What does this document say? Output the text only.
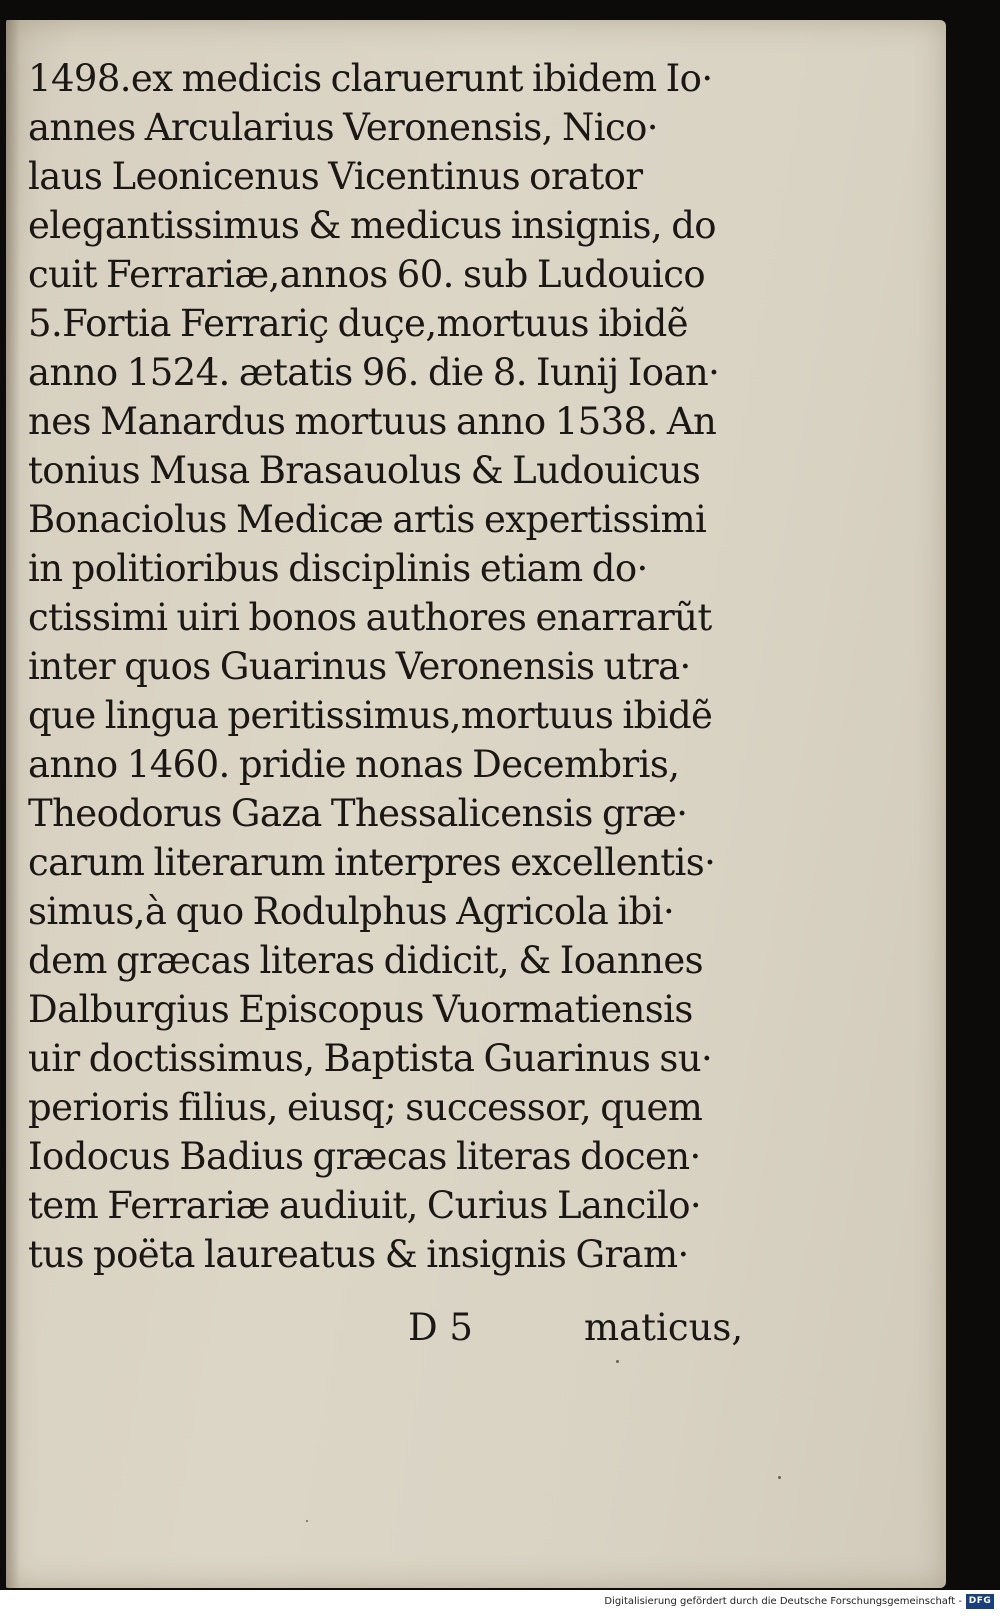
1498.ex medicis claruerunt ibidem Io·
annes Arcularius Veronensis, Nico·
laus Leonicenus Vicentinus orator
elegantissimus & medicus insignis, do
cuit Ferrariæ,annos 60. sub Ludouico
5.Fortia Ferrariç duçe,mortuus ibidẽ
anno 1524. ætatis 96. die 8. Iunij Ioan·
nes Manardus mortuus anno 1538. An
tonius Musa Brasauolus & Ludouicus
Bonaciolus Medicæ artis expertissimi
in politioribus disciplinis etiam do·
ctissimi uiri bonos authores enarrarũt
inter quos Guarinus Veronensis utra·
que lingua peritissimus,mortuus ibidẽ
anno 1460. pridie nonas Decembris,
Theodorus Gaza Thessalicensis græ·
carum literarum interpres excellentis·
simus,à quo Rodulphus Agricola ibi·
dem græcas literas didicit, & Ioannes
Dalburgius Episcopus Vuormatiensis
uir doctissimus, Baptista Guarinus su·
perioris filius, eiusq; successor, quem
Iodocus Badius græcas literas docen·
tem Ferrariæ audiuit, Curius Lancilo·
tus poëta laureatus & insignis Gram·
D 5	maticus,
Digitalisierung gefördert durch die Deutsche Forschungsgemeinschaft - DFG
